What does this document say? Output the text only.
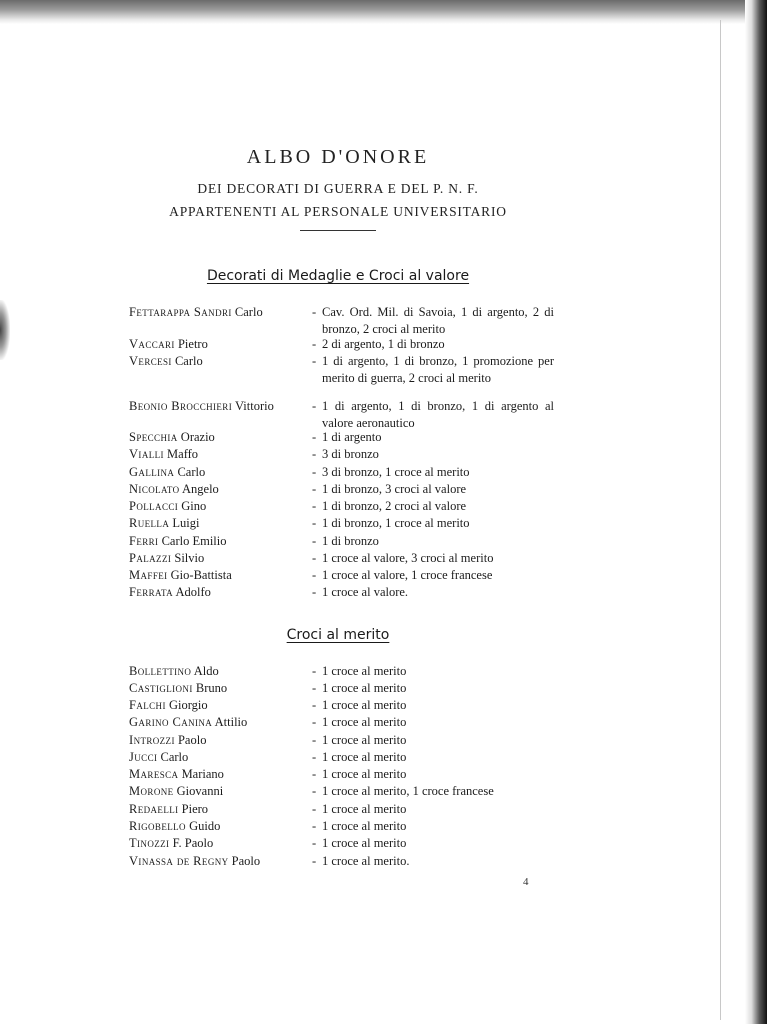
ALBO D'ONORE
DEI DECORATI DI GUERRA E DEL P. N. F.
APPARTENENTI AL PERSONALE UNIVERSITARIO
Decorati di Medaglie e Croci al valore
Croci al merito
Fettarappa Sandri Carlo	- Cav. Ord. Mil. di Savoia, 1 di argento, 2 di bronzo, 2 croci al merito
Vaccari Pietro	- 2 di argento, 1 di bronzo
Vercesi Carlo	- 1 di argento, 1 di bronzo, 1 promozione per merito di guerra, 2 croci al merito
Beonio Brocchieri Vittorio	- 1 di argento, 1 di bronzo, 1 di argento al valore aeronautico
Specchia Orazio	- 1 di argento
Vialli Maffo	- 3 di bronzo
Gallina Carlo	- 3 di bronzo, 1 croce al merito
Nicolato Angelo	- 1 di bronzo, 3 croci al valore
Pollacci Gino	- 1 di bronzo, 2 croci al valore
Ruella Luigi	- 1 di bronzo, 1 croce al merito
Ferri Carlo Emilio	- 1 di bronzo
Palazzi Silvio	- 1 croce al valore, 3 croci al merito
Maffei Gio-Battista	- 1 croce al valore, 1 croce francese
Ferrata Adolfo	- 1 croce al valore.
Bollettino Aldo	- 1 croce al merito
Castiglioni Bruno	- 1 croce al merito
Falchi Giorgio	- 1 croce al merito
Garino Canina Attilio	- 1 croce al merito
Introzzi Paolo	- 1 croce al merito
Jucci Carlo	- 1 croce al merito
Maresca Mariano	- 1 croce al merito
Morone Giovanni	- 1 croce al merito, 1 croce francese
Redaelli Piero	- 1 croce al merito
Rigobello Guido	- 1 croce al merito
Tinozzi F. Paolo	- 1 croce al merito
Vinassa de Regny Paolo	- 1 croce al merito.
4
